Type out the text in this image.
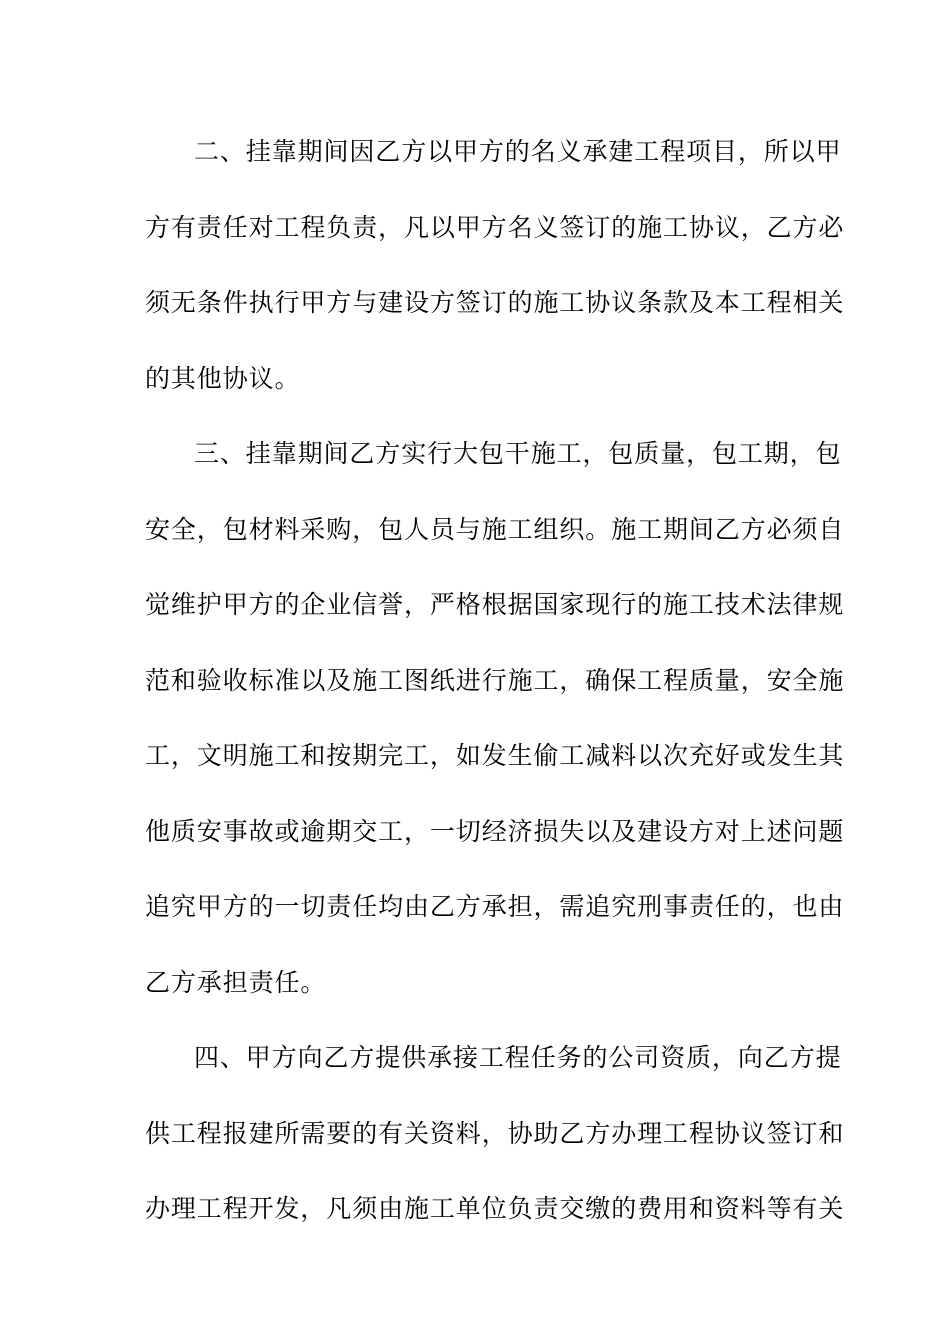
二、挂靠期间因乙方以甲方的名义承建工程项目，所以甲
方有责任对工程负责，凡以甲方名义签订的施工协议，乙方必
须无条件执行甲方与建设方签订的施工协议条款及本工程相关
的其他协议。
三、挂靠期间乙方实行大包干施工，包质量，包工期，包
安全，包材料采购，包人员与施工组织。施工期间乙方必须自
觉维护甲方的企业信誉，严格根据国家现行的施工技术法律规
范和验收标准以及施工图纸进行施工，确保工程质量，安全施
工，文明施工和按期完工，如发生偷工减料以次充好或发生其
他质安事故或逾期交工，一切经济损失以及建设方对上述问题
追究甲方的一切责任均由乙方承担，需追究刑事责任的，也由
乙方承担责任。
四、甲方向乙方提供承接工程任务的公司资质，向乙方提
供工程报建所需要的有关资料，协助乙方办理工程协议签订和
办理工程开发，凡须由施工单位负责交缴的费用和资料等有关
